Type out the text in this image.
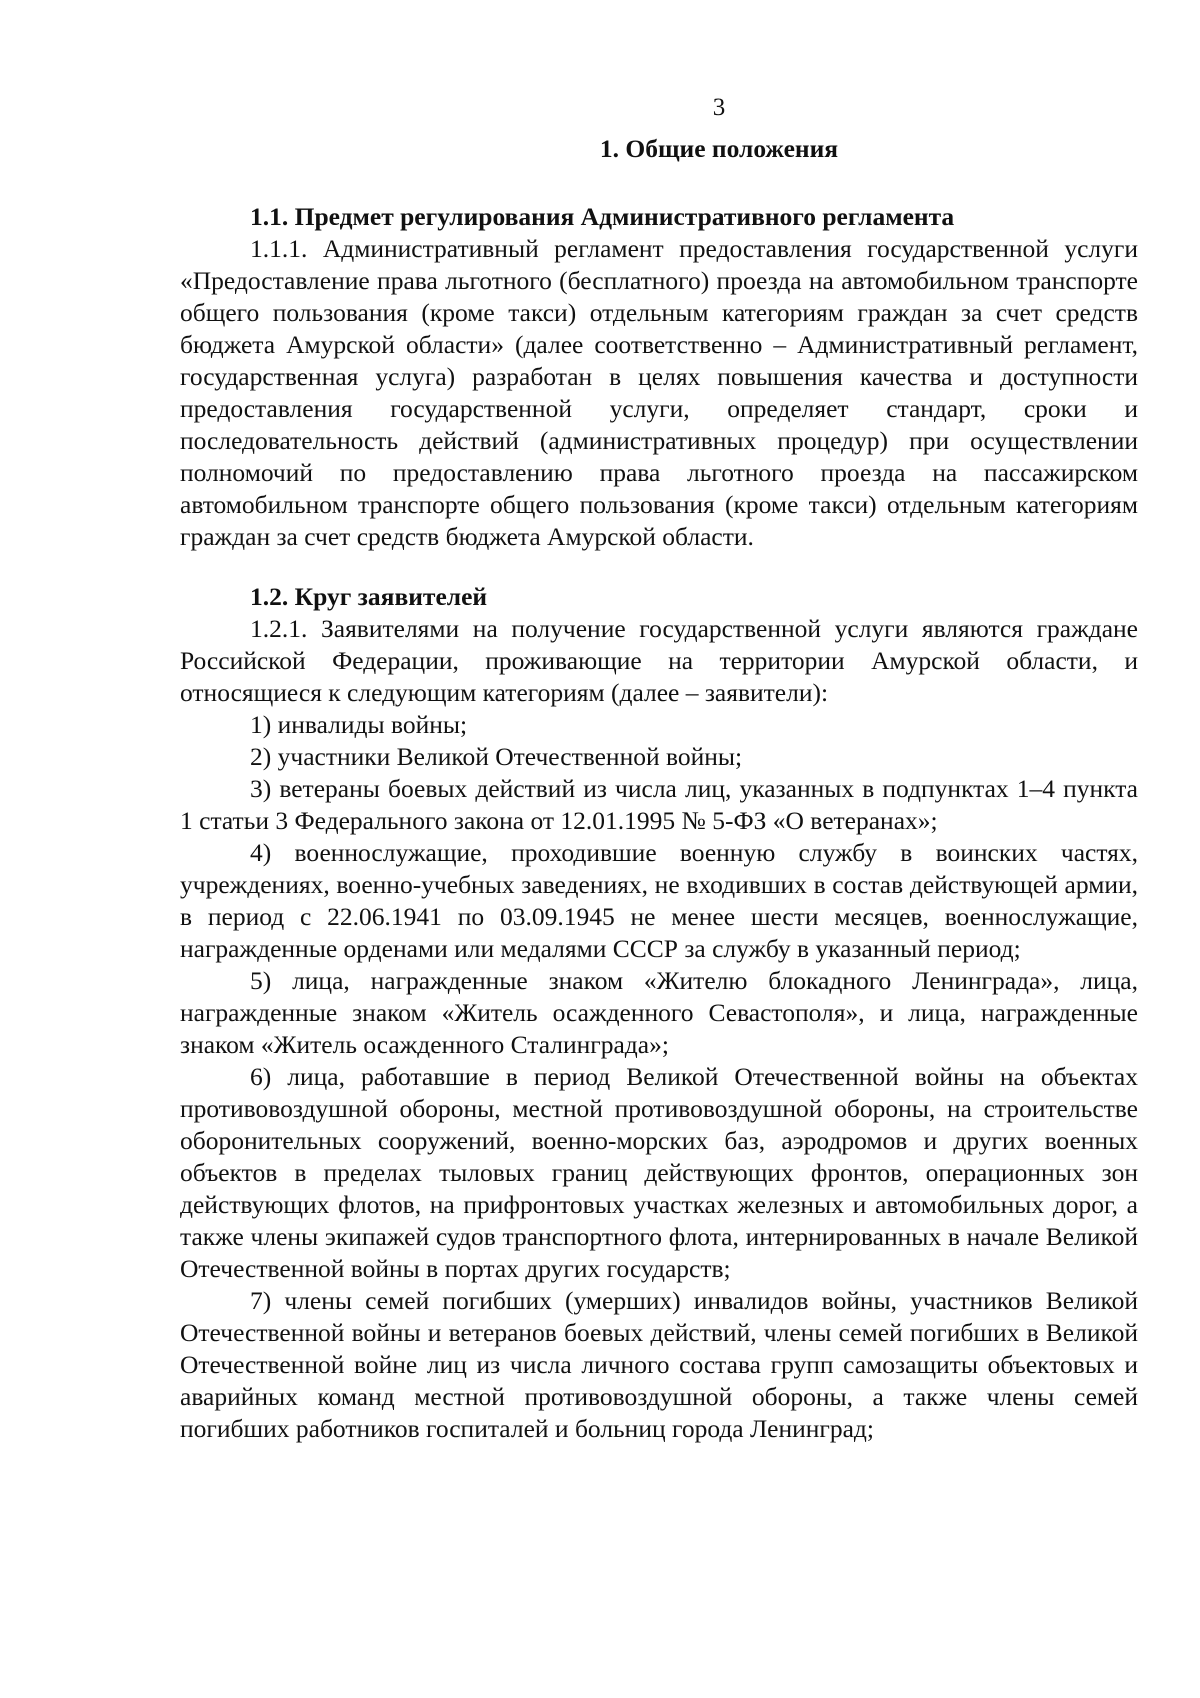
3
1. Общие положения
1.1. Предмет регулирования Административного регламента

1.1.1. Административный регламент предоставления государственной услуги «Предоставление права льготного (бесплатного) проезда на автомобильном транспорте общего пользования (кроме такси) отдельным категориям граждан за счет средств бюджета Амурской области» (далее соответственно – Административный регламент, государственная услуга) разработан в целях повышения качества и доступности предоставления государственной услуги, определяет стандарт, сроки и последовательность действий (административных процедур) при осуществлении полномочий по предоставлению права льготного проезда на пассажирском автомобильном транспорте общего пользования (кроме такси) отдельным категориям граждан за счет средств бюджета Амурской области.

1.2. Круг заявителей

1.2.1. Заявителями на получение государственной услуги являются граждане Российской Федерации, проживающие на территории Амурской области, и относящиеся к следующим категориям (далее – заявители):

1) инвалиды войны;

2) участники Великой Отечественной войны;

3) ветераны боевых действий из числа лиц, указанных в подпунктах 1–4 пункта 1 статьи 3 Федерального закона от 12.01.1995 № 5-ФЗ «О ветеранах»;

4) военнослужащие, проходившие военную службу в воинских частях, учреждениях, военно-учебных заведениях, не входивших в состав действующей армии, в период с 22.06.1941 по 03.09.1945 не менее шести месяцев, военнослужащие, награжденные орденами или медалями СССР за службу в указанный период;

5) лица, награжденные знаком «Жителю блокадного Ленинграда», лица, награжденные знаком «Житель осажденного Севастополя», и лица, награжденные знаком «Житель осажденного Сталинграда»;

6) лица, работавшие в период Великой Отечественной войны на объектах противовоздушной обороны, местной противовоздушной обороны, на строительстве оборонительных сооружений, военно-морских баз, аэродромов и других военных объектов в пределах тыловых границ действующих фронтов, операционных зон действующих флотов, на прифронтовых участках железных и автомобильных дорог, а также члены экипажей судов транспортного флота, интернированных в начале Великой Отечественной войны в портах других государств;

7) члены семей погибших (умерших) инвалидов войны, участников Великой Отечественной войны и ветеранов боевых действий, члены семей погибших в Великой Отечественной войне лиц из числа личного состава групп самозащиты объектовых и аварийных команд местной противовоздушной обороны, а также члены семей погибших работников госпиталей и больниц города Ленинград;
